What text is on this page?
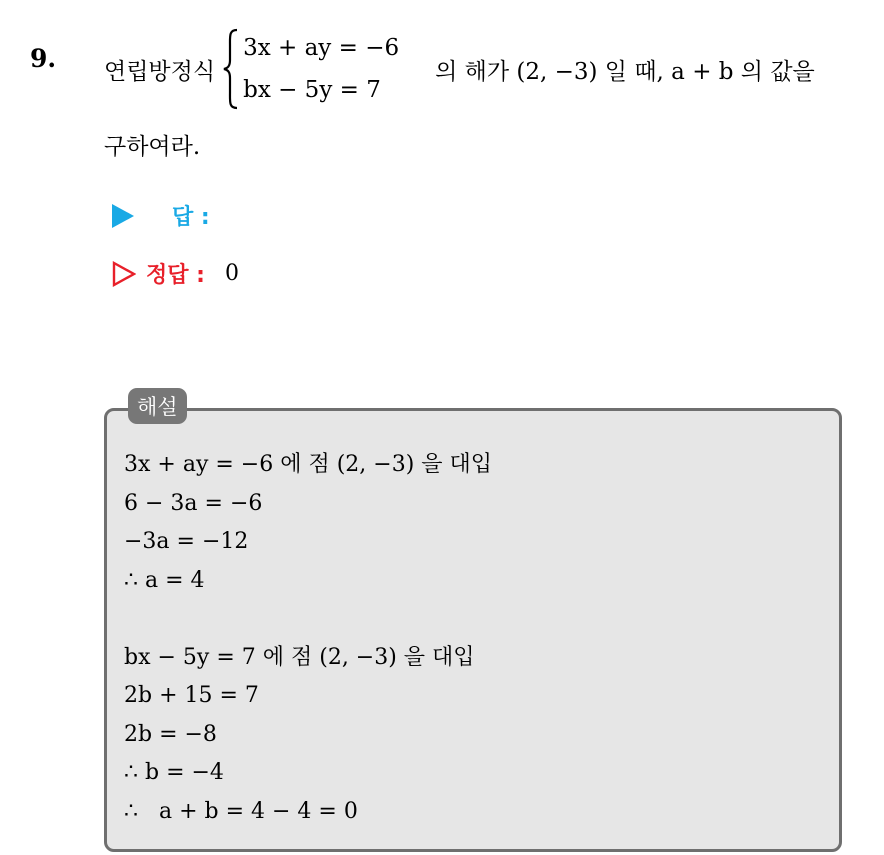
9. 연립방정식
3x + ay = −6
bx − 5y = 7
의 해가 (2, −3) 일 때, a + b 의 값을
구하여라.
답 :
정답 : 0
해설
3x + ay = −6 에 점 (2, −3) 을 대입
6 − 3a = −6
−3a = −12
∴ a = 4
bx − 5y = 7 에 점 (2, −3) 을 대입
2b + 15 = 7
2b = −8
∴ b = −4
∴   a + b = 4 − 4 = 0
